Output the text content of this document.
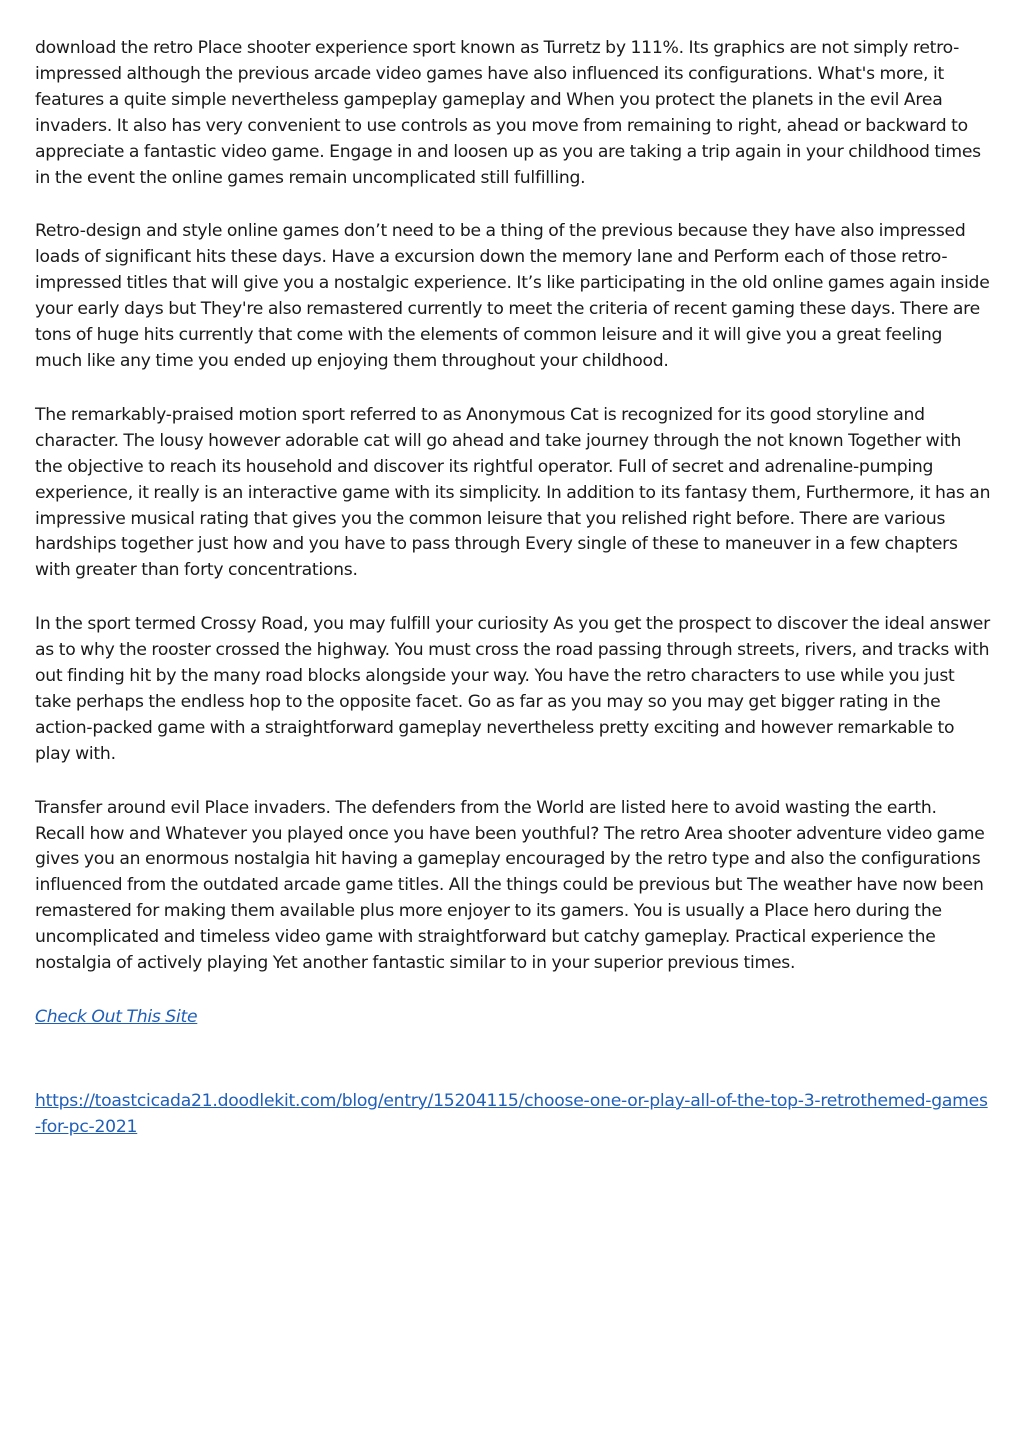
download the retro Place shooter experience sport known as Turretz by 111%. Its graphics are not simply retro-impressed although the previous arcade video games have also influenced its configurations. What's more, it features a quite simple nevertheless gampeplay gameplay and When you protect the planets in the evil Area invaders. It also has very convenient to use controls as you move from remaining to right, ahead or backward to appreciate a fantastic video game. Engage in and loosen up as you are taking a trip again in your childhood times in the event the online games remain uncomplicated still fulfilling.

Retro-design and style online games don’t need to be a thing of the previous because they have also impressed loads of significant hits these days. Have a excursion down the memory lane and Perform each of those retro-impressed titles that will give you a nostalgic experience. It’s like participating in the old online games again inside your early days but They're also remastered currently to meet the criteria of recent gaming these days. There are tons of huge hits currently that come with the elements of common leisure and it will give you a great feeling much like any time you ended up enjoying them throughout your childhood.

The remarkably-praised motion sport referred to as Anonymous Cat is recognized for its good storyline and character. The lousy however adorable cat will go ahead and take journey through the not known Together with the objective to reach its household and discover its rightful operator. Full of secret and adrenaline-pumping experience, it really is an interactive game with its simplicity. In addition to its fantasy them, Furthermore, it has an impressive musical rating that gives you the common leisure that you relished right before. There are various hardships together just how and you have to pass through Every single of these to maneuver in a few chapters with greater than forty concentrations.

In the sport termed Crossy Road, you may fulfill your curiosity As you get the prospect to discover the ideal answer as to why the rooster crossed the highway. You must cross the road passing through streets, rivers, and tracks with out finding hit by the many road blocks alongside your way. You have the retro characters to use while you just take perhaps the endless hop to the opposite facet. Go as far as you may so you may get bigger rating in the action-packed game with a straightforward gameplay nevertheless pretty exciting and however remarkable to play with.

Transfer around evil Place invaders. The defenders from the World are listed here to avoid wasting the earth. Recall how and Whatever you played once you have been youthful? The retro Area shooter adventure video game gives you an enormous nostalgia hit having a gameplay encouraged by the retro type and also the configurations influenced from the outdated arcade game titles. All the things could be previous but The weather have now been remastered for making them available plus more enjoyer to its gamers. You is usually a Place hero during the uncomplicated and timeless video game with straightforward but catchy gameplay. Practical experience the nostalgia of actively playing Yet another fantastic similar to in your superior previous times.

Check Out This Site
https://toastcicada21.doodlekit.com/blog/entry/15204115/choose-one-or-play-all-of-the-top-3-retrothemed-games-for-pc-2021
